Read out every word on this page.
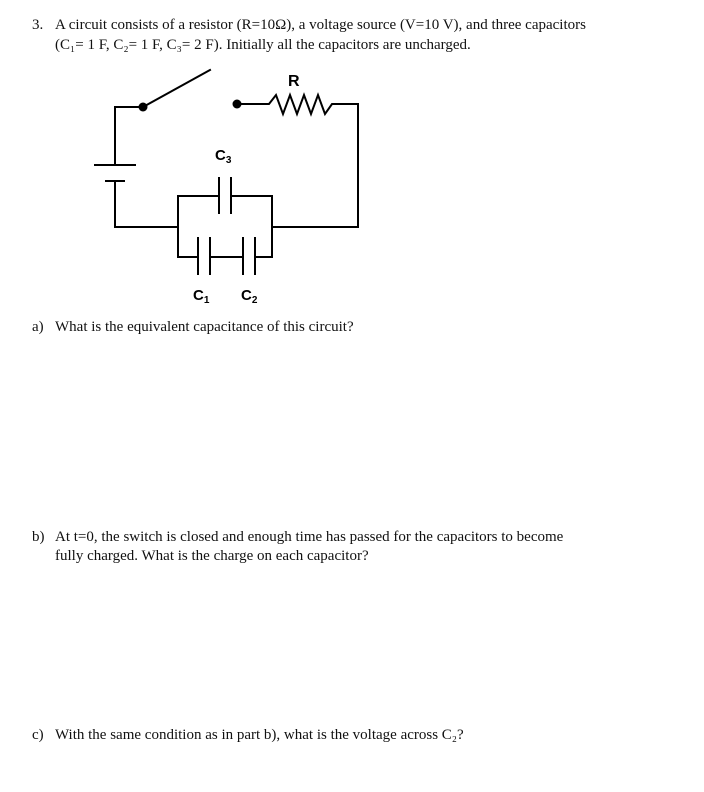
3. A circuit consists of a resistor (R=10Ω), a voltage source (V=10 V), and three capacitors

(C₁= 1 F, C₂= 1 F, C₃= 2 F). Initially all the capacitors are uncharged.

R
$C_3$
$C_1$ $C_2$
a) What is the equivalent capacitance of this circuit?

b) At t=0, the switch is closed and enough time has passed for the capacitors to become

fully charged. What is the charge on each capacitor?

c) With the same condition as in part b), what is the voltage across C₂?
